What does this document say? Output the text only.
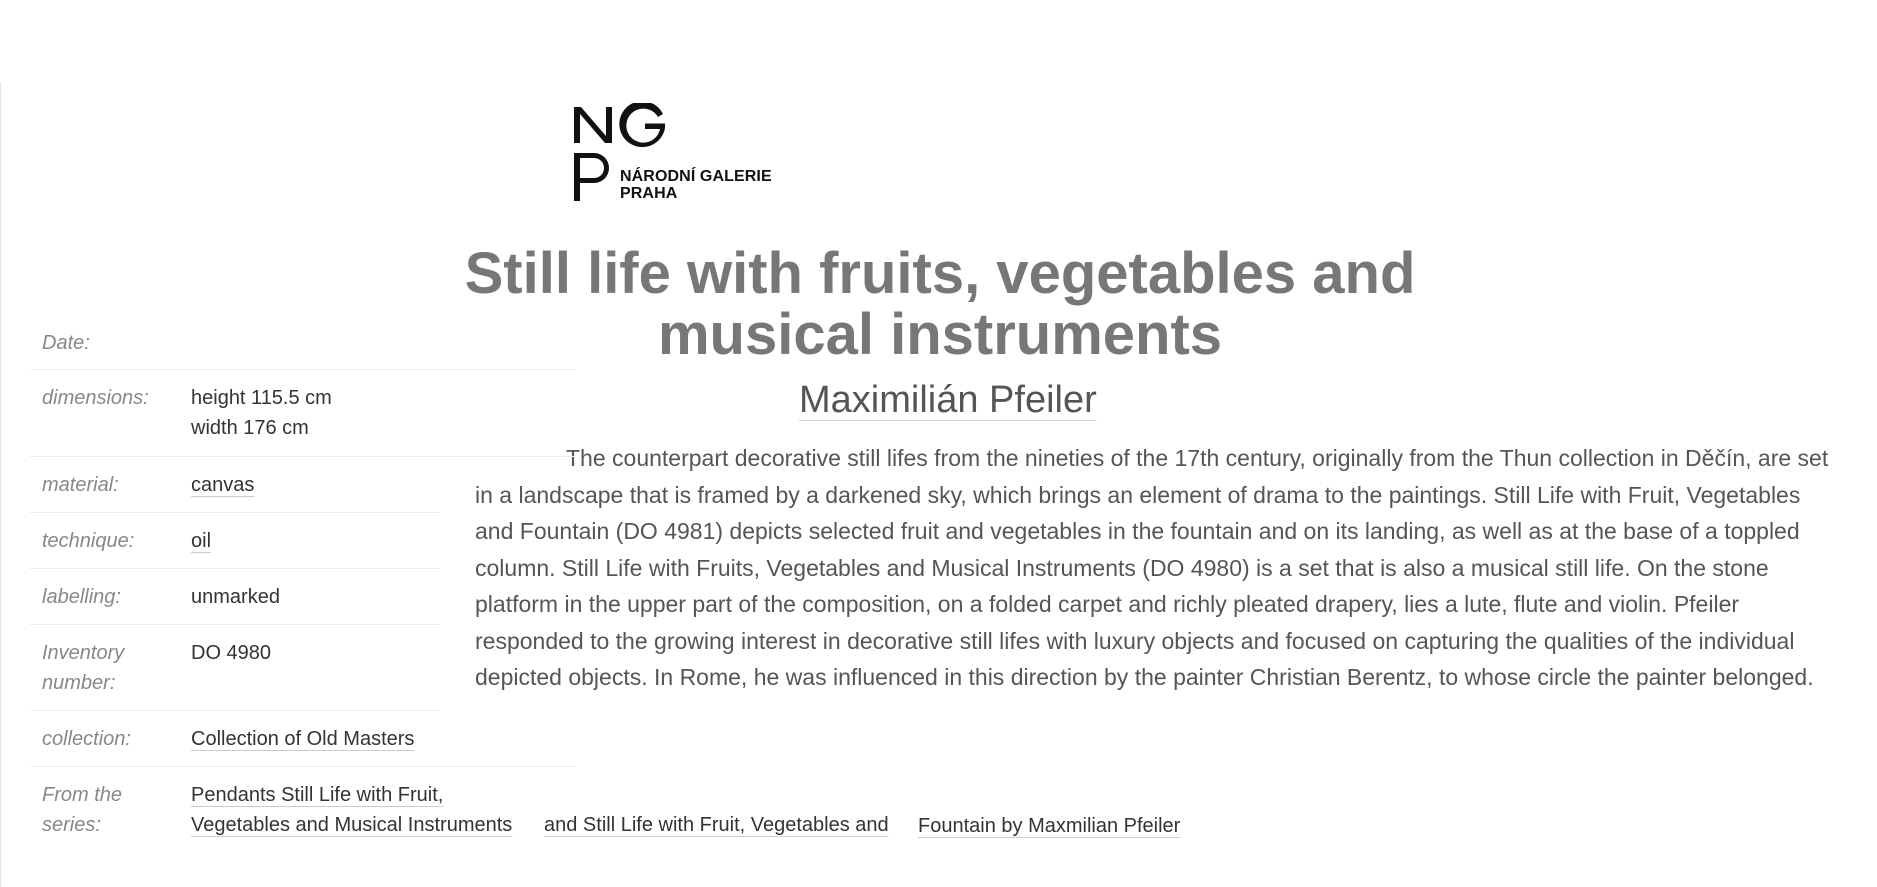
NÁRODNÍ GALERIE
PRAHA
Still life with fruits, vegetables and musical instruments
Maximilián Pfeiler

The counterpart decorative still lifes from the nineties of the 17th century, originally from the Thun collection in Děčín, are set in a landscape that is framed by a darkened sky, which brings an element of drama to the paintings. Still Life with Fruit, Vegetables and Fountain (DO 4981) depicts selected fruit and vegetables in the fountain and on its landing, as well as at the base of a toppled column. Still Life with Fruits, Vegetables and Musical Instruments (DO 4980) is a set that is also a musical still life. On the stone platform in the upper part of the composition, on a folded carpet and richly pleated drapery, lies a lute, flute and violin. Pfeiler responded to the growing interest in decorative still lifes with luxury objects and focused on capturing the qualities of the individual depicted objects. In Rome, he was influenced in this direction by the painter Christian Berentz, to whose circle the painter belonged.

Date:
dimensions:	height 115.5 cm
width 176 cm
material:	canvas
technique:	oil
labelling:	unmarked
Inventory
number:
DO 4980
collection:	Collection of Old Masters
From the
series:
Pendants Still Life with Fruit,
Vegetables and Musical Instruments and Still Life with Fruit, Vegetables and Fountain by Maxmilian Pfeiler
